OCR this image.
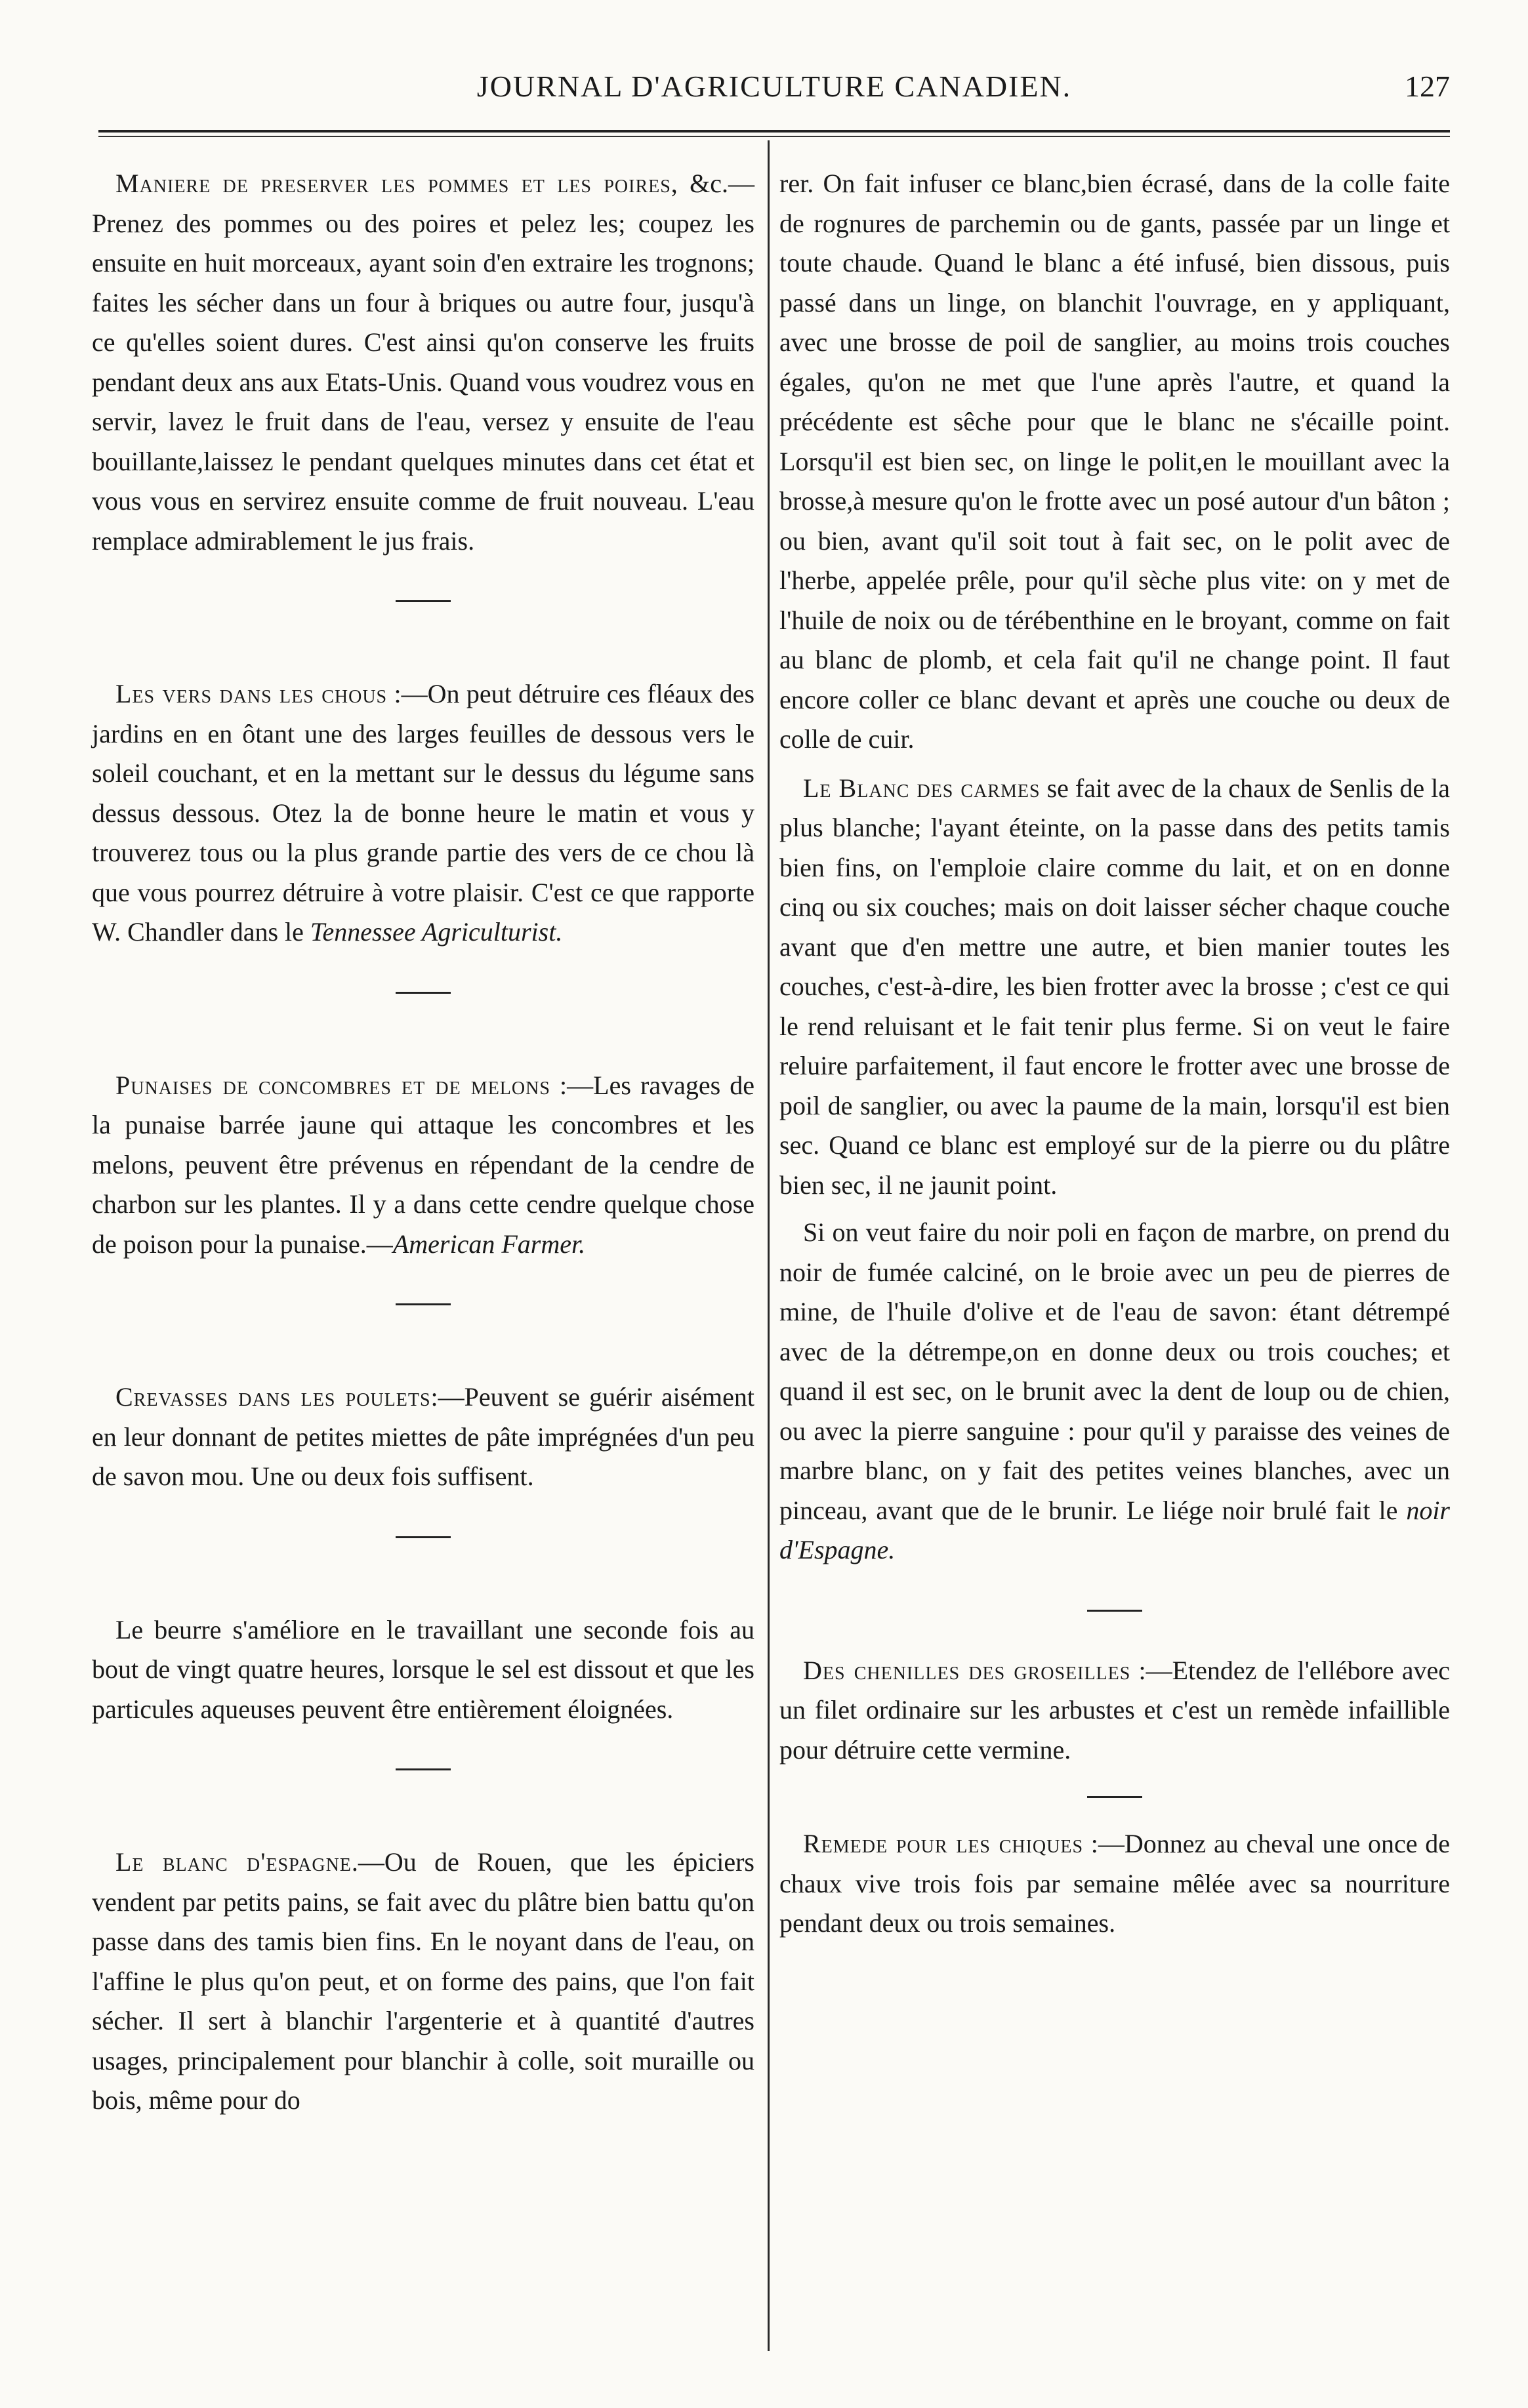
JOURNAL D'AGRICULTURE CANADIEN.	127

Maniere de preserver les pommes et les poires, &c.—Prenez des pommes ou des poires et pelez les; coupez les ensuite en huit morceaux, ayant soin d'en extraire les trognons; faites les sécher dans un four à briques ou autre four, jusqu'à ce qu'elles soient dures. C'est ainsi qu'on conserve les fruits pendant deux ans aux Etats-Unis. Quand vous voudrez vous en servir, lavez le fruit dans de l'eau, versez y ensuite de l'eau bouillante,laissez le pendant quelques minutes dans cet état et vous vous en servirez ensuite comme de fruit nouveau. L'eau remplace admirablement le jus frais.

Les vers dans les chous :—On peut détruire ces fléaux des jardins en en ôtant une des larges feuilles de dessous vers le soleil couchant, et en la mettant sur le dessus du légume sans dessus dessous. Otez la de bonne heure le matin et vous y trouverez tous ou la plus grande partie des vers de ce chou là que vous pourrez détruire à votre plaisir. C'est ce que rapporte W. Chandler dans le Tennessee Agriculturist.

Punaises de concombres et de melons :—Les ravages de la punaise barrée jaune qui attaque les concombres et les melons, peuvent être prévenus en répendant de la cendre de charbon sur les plantes. Il y a dans cette cendre quelque chose de poison pour la punaise.—American Farmer.

Crevasses dans les poulets:—Peuvent se guérir aisément en leur donnant de petites miettes de pâte imprégnées d'un peu de savon mou. Une ou deux fois suffisent.

Le beurre s'améliore en le travaillant une seconde fois au bout de vingt quatre heures, lorsque le sel est dissout et que les particules aqueuses peuvent être entièrement éloignées.

Le blanc d'espagne.—Ou de Rouen, que les épiciers vendent par petits pains, se fait avec du plâtre bien battu qu'on passe dans des tamis bien fins. En le noyant dans de l'eau, on l'affine le plus qu'on peut, et on forme des pains, que l'on fait sécher. Il sert à blanchir l'argenterie et à quantité d'autres usages, principalement pour blanchir à colle, soit muraille ou bois, même pour do

rer. On fait infuser ce blanc,bien écrasé, dans de la colle faite de rognures de parchemin ou de gants, passée par un linge et toute chaude. Quand le blanc a été infusé, bien dissous, puis passé dans un linge, on blanchit l'ouvrage, en y appliquant, avec une brosse de poil de sanglier, au moins trois couches égales, qu'on ne met que l'une après l'autre, et quand la précédente est sêche pour que le blanc ne s'écaille point. Lorsqu'il est bien sec, on linge le polit,en le mouillant avec la brosse,à mesure qu'on le frotte avec un posé autour d'un bâton ; ou bien, avant qu'il soit tout à fait sec, on le polit avec de l'herbe, appelée prêle, pour qu'il sèche plus vite: on y met de l'huile de noix ou de térébenthine en le broyant, comme on fait au blanc de plomb, et cela fait qu'il ne change point. Il faut encore coller ce blanc devant et après une couche ou deux de colle de cuir.

Le Blanc des carmes se fait avec de la chaux de Senlis de la plus blanche; l'ayant éteinte, on la passe dans des petits tamis bien fins, on l'emploie claire comme du lait, et on en donne cinq ou six couches; mais on doit laisser sécher chaque couche avant que d'en mettre une autre, et bien manier toutes les couches, c'est-à-dire, les bien frotter avec la brosse ; c'est ce qui le rend reluisant et le fait tenir plus ferme. Si on veut le faire reluire parfaitement, il faut encore le frotter avec une brosse de poil de sanglier, ou avec la paume de la main, lorsqu'il est bien sec. Quand ce blanc est employé sur de la pierre ou du plâtre bien sec, il ne jaunit point.

Si on veut faire du noir poli en façon de marbre, on prend du noir de fumée calciné, on le broie avec un peu de pierres de mine, de l'huile d'olive et de l'eau de savon: étant détrempé avec de la détrempe,on en donne deux ou trois couches; et quand il est sec, on le brunit avec la dent de loup ou de chien, ou avec la pierre sanguine : pour qu'il y paraisse des veines de marbre blanc, on y fait des petites veines blanches, avec un pinceau, avant que de le brunir. Le liége noir brulé fait le noir d'Espagne.

Des chenilles des groseilles :—Etendez de l'ellébore avec un filet ordinaire sur les arbustes et c'est un remède infaillible pour détruire cette vermine.

Remede pour les chiques :—Donnez au cheval une once de chaux vive trois fois par semaine mêlée avec sa nourriture pendant deux ou trois semaines.
